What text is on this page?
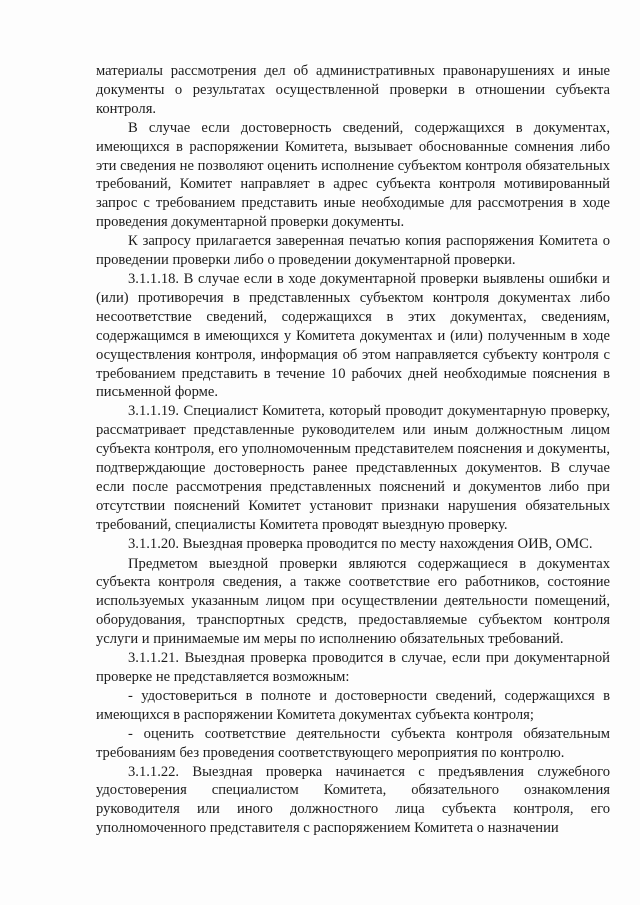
материалы рассмотрения дел об административных правонарушениях и иные документы о результатах осуществленной проверки в отношении субъекта контроля.

В случае если достоверность сведений, содержащихся в документах, имеющихся в распоряжении Комитета, вызывает обоснованные сомнения либо эти сведения не позволяют оценить исполнение субъектом контроля обязательных требований, Комитет направляет в адрес субъекта контроля мотивированный запрос с требованием представить иные необходимые для рассмотрения в ходе проведения документарной проверки документы.

К запросу прилагается заверенная печатью копия распоряжения Комитета о проведении проверки либо о проведении документарной проверки.

3.1.1.18. В случае если в ходе документарной проверки выявлены ошибки и (или) противоречия в представленных субъектом контроля документах либо несоответствие сведений, содержащихся в этих документах, сведениям, содержащимся в имеющихся у Комитета документах и (или) полученным в ходе осуществления контроля, информация об этом направляется субъекту контроля с требованием представить в течение 10 рабочих дней необходимые пояснения в письменной форме.

3.1.1.19. Специалист Комитета, который проводит документарную проверку, рассматривает представленные руководителем или иным должностным лицом субъекта контроля, его уполномоченным представителем пояснения и документы, подтверждающие достоверность ранее представленных документов. В случае если после рассмотрения представленных пояснений и документов либо при отсутствии пояснений Комитет установит признаки нарушения обязательных требований, специалисты Комитета проводят выездную проверку.

3.1.1.20. Выездная проверка проводится по месту нахождения ОИВ, ОМС.

Предметом выездной проверки являются содержащиеся в документах субъекта контроля сведения, а также соответствие его работников, состояние используемых указанным лицом при осуществлении деятельности помещений, оборудования, транспортных средств, предоставляемые субъектом контроля услуги и принимаемые им меры по исполнению обязательных требований.

3.1.1.21. Выездная проверка проводится в случае, если при документарной проверке не представляется возможным:

- удостовериться в полноте и достоверности сведений, содержащихся в имеющихся в распоряжении Комитета документах субъекта контроля;

- оценить соответствие деятельности субъекта контроля обязательным требованиям без проведения соответствующего мероприятия по контролю.

3.1.1.22. Выездная проверка начинается с предъявления служебного удостоверения специалистом Комитета, обязательного ознакомления руководителя или иного должностного лица субъекта контроля, его уполномоченного представителя с распоряжением Комитета о назначении
